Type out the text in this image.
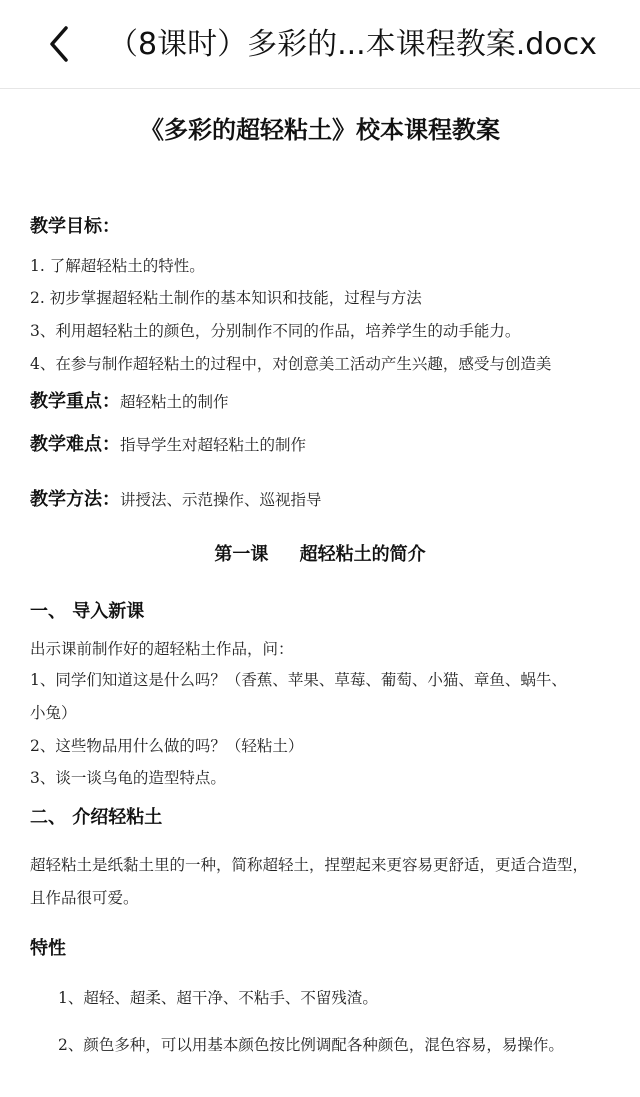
（8课时）多彩的...本课程教案.docx
《多彩的超轻粘土》校本课程教案
教学目标：
1. 了解超轻粘土的特性。
2. 初步掌握超轻粘土制作的基本知识和技能，过程与方法
3、利用超轻粘土的颜色，分别制作不同的作品，培养学生的动手能力。
4、在参与制作超轻粘土的过程中，对创意美工活动产生兴趣，感受与创造美
教学重点：超轻粘土的制作
教学难点：指导学生对超轻粘土的制作
教学方法：讲授法、示范操作、巡视指导
第一课     超轻粘土的简介
一、 导入新课
出示课前制作好的超轻粘土作品，问：
1、同学们知道这是什么吗？（香蕉、苹果、草莓、葡萄、小猫、章鱼、蜗牛、
小兔）
2、这些物品用什么做的吗？（轻粘土）
3、谈一谈乌龟的造型特点。
二、 介绍轻粘土
超轻粘土是纸黏土里的一种，简称超轻土，捏塑起来更容易更舒适，更适合造型，
且作品很可爱。
特性
1、超轻、超柔、超干净、不粘手、不留残渣。
2、颜色多种，可以用基本颜色按比例调配各种颜色，混色容易，易操作。
